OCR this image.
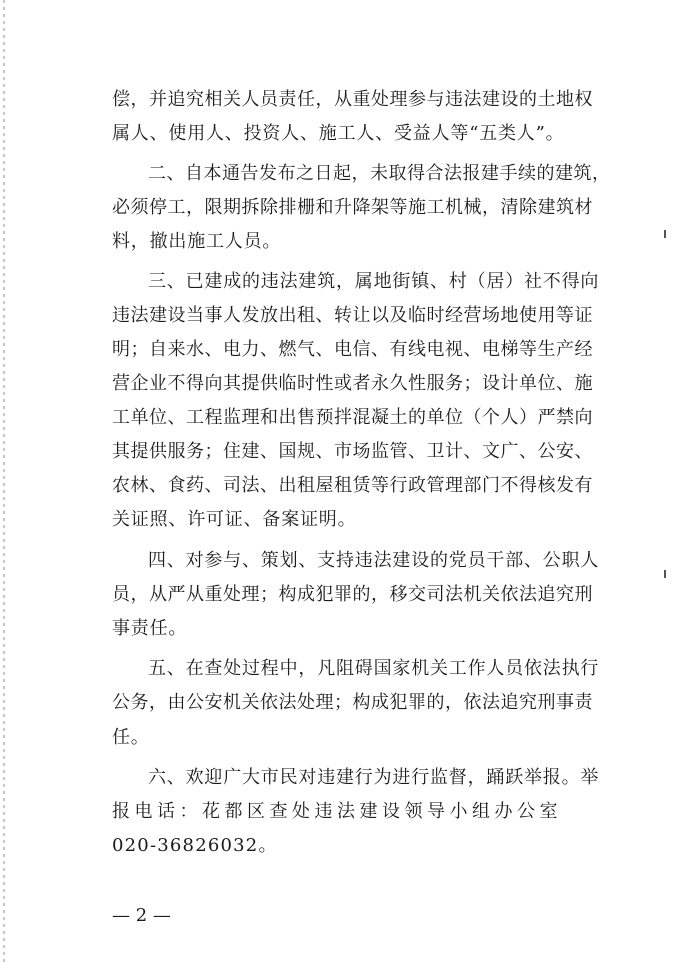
偿，并追究相关人员责任，从重处理参与违法建设的土地权
属人、使用人、投资人、施工人、受益人等“五类人”。
二、自本通告发布之日起，未取得合法报建手续的建筑，
必须停工，限期拆除排栅和升降架等施工机械，清除建筑材
料，撤出施工人员。
三、已建成的违法建筑，属地街镇、村（居）社不得向
违法建设当事人发放出租、转让以及临时经营场地使用等证
明；自来水、电力、燃气、电信、有线电视、电梯等生产经
营企业不得向其提供临时性或者永久性服务；设计单位、施
工单位、工程监理和出售预拌混凝土的单位（个人）严禁向
其提供服务；住建、国规、市场监管、卫计、文广、公安、
农林、食药、司法、出租屋租赁等行政管理部门不得核发有
关证照、许可证、备案证明。
四、对参与、策划、支持违法建设的党员干部、公职人
员，从严从重处理；构成犯罪的，移交司法机关依法追究刑
事责任。
五、在查处过程中，凡阻碍国家机关工作人员依法执行
公务，由公安机关依法处理；构成犯罪的，依法追究刑事责
任。
六、欢迎广大市民对违建行为进行监督，踊跃举报。举
报电话：花都区查处违法建设领导小组办公室
020-36826032。
— 2 —
